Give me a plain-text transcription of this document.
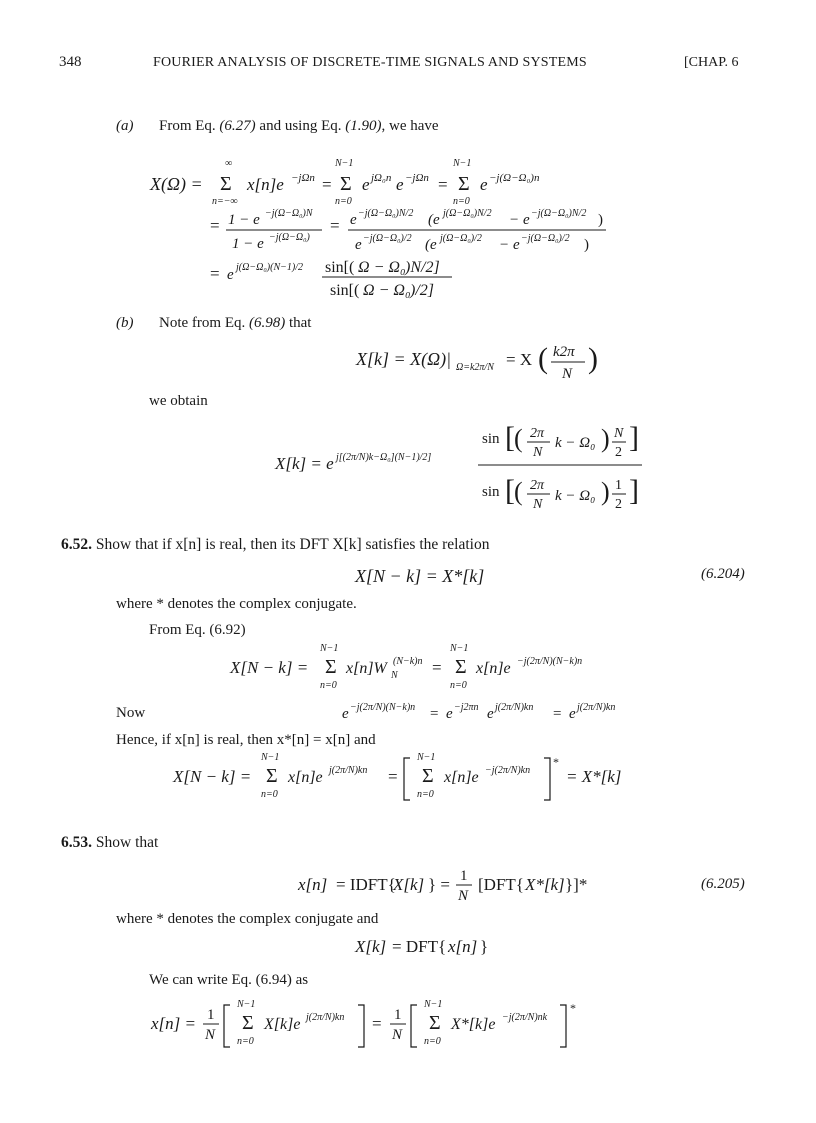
348	FOURIER ANALYSIS OF DISCRETE-TIME SIGNALS AND SYSTEMS	[CHAP. 6
(a) From Eq. (6.27) and using Eq. (1.90), we have
X(Ω) = Σ
∞
n=−∞
x[n]e −jΩn = Σ
N−1
n=0
e jΩ₀n e −jΩn = Σ
N−1
n=0
e −j(Ω−Ω₀)n
= 1 − e −j(Ω−Ω₀)N
1 − e −j(Ω−Ω₀)
= e −j(Ω−Ω₀)N/2 (e j(Ω−Ω₀)N/2 − e −j(Ω−Ω₀)N/2 )
e −j(Ω−Ω₀)/2 (e j(Ω−Ω₀)/2 − e −j(Ω−Ω₀)/2 )
= e j(Ω−Ω₀)(N−1)/2 sin[( Ω − Ω₀ )N/2]
sin[( Ω − Ω₀ )/2]
(b) Note from Eq. (6.98) that
X[k] = X(Ω)| Ω=k2π/N = X ( k2π
N )
we obtain
X[k] = e j[(2π/N)k−Ω₀](N−1)/2]
sin [ ( 2π
N
k − Ω₀ ) N
2 ]
sin [ ( 2π
N
k − Ω₀ ) 1
2 ]
6.52. Show that if x[n] is real, then its DFT X[k] satisfies the relation
X[N − k] = X*[k]	(6.204)
where * denotes the complex conjugate.
From Eq. (6.92)
X[N − k] = Σ
N−1
n=0
x[n]W N
(N−k)n = Σ
N−1
n=0
x[n]e −j(2π/N)(N−k)n
e −j(2π/N)(N−k)n = e −j2πn e j(2π/N)kn = e j(2π/N)kn
X[N − k] = Σ
N−1
n=0
x[n]e j(2π/N)kn = Σ
N−1
n=0
x[n]e −j(2π/N)kn
*
= X*[k]
Now
Hence, if x[n] is real, then x*[n] = x[n] and
6.53. Show that
x[n] = IDFT{
X[k] } = 1
N
[DFT{ X*[k] }]*	(6.205)
where * denotes the complex conjugate and
X[k] = DFT{ x[n] }
We can write Eq. (6.94) as
x[n] = 1
N
Σ
N−1
n=0
X[k]e j(2π/N)kn = 1
N
Σ
N−1
n=0
X*[k]e −j(2π/N)nk
*
